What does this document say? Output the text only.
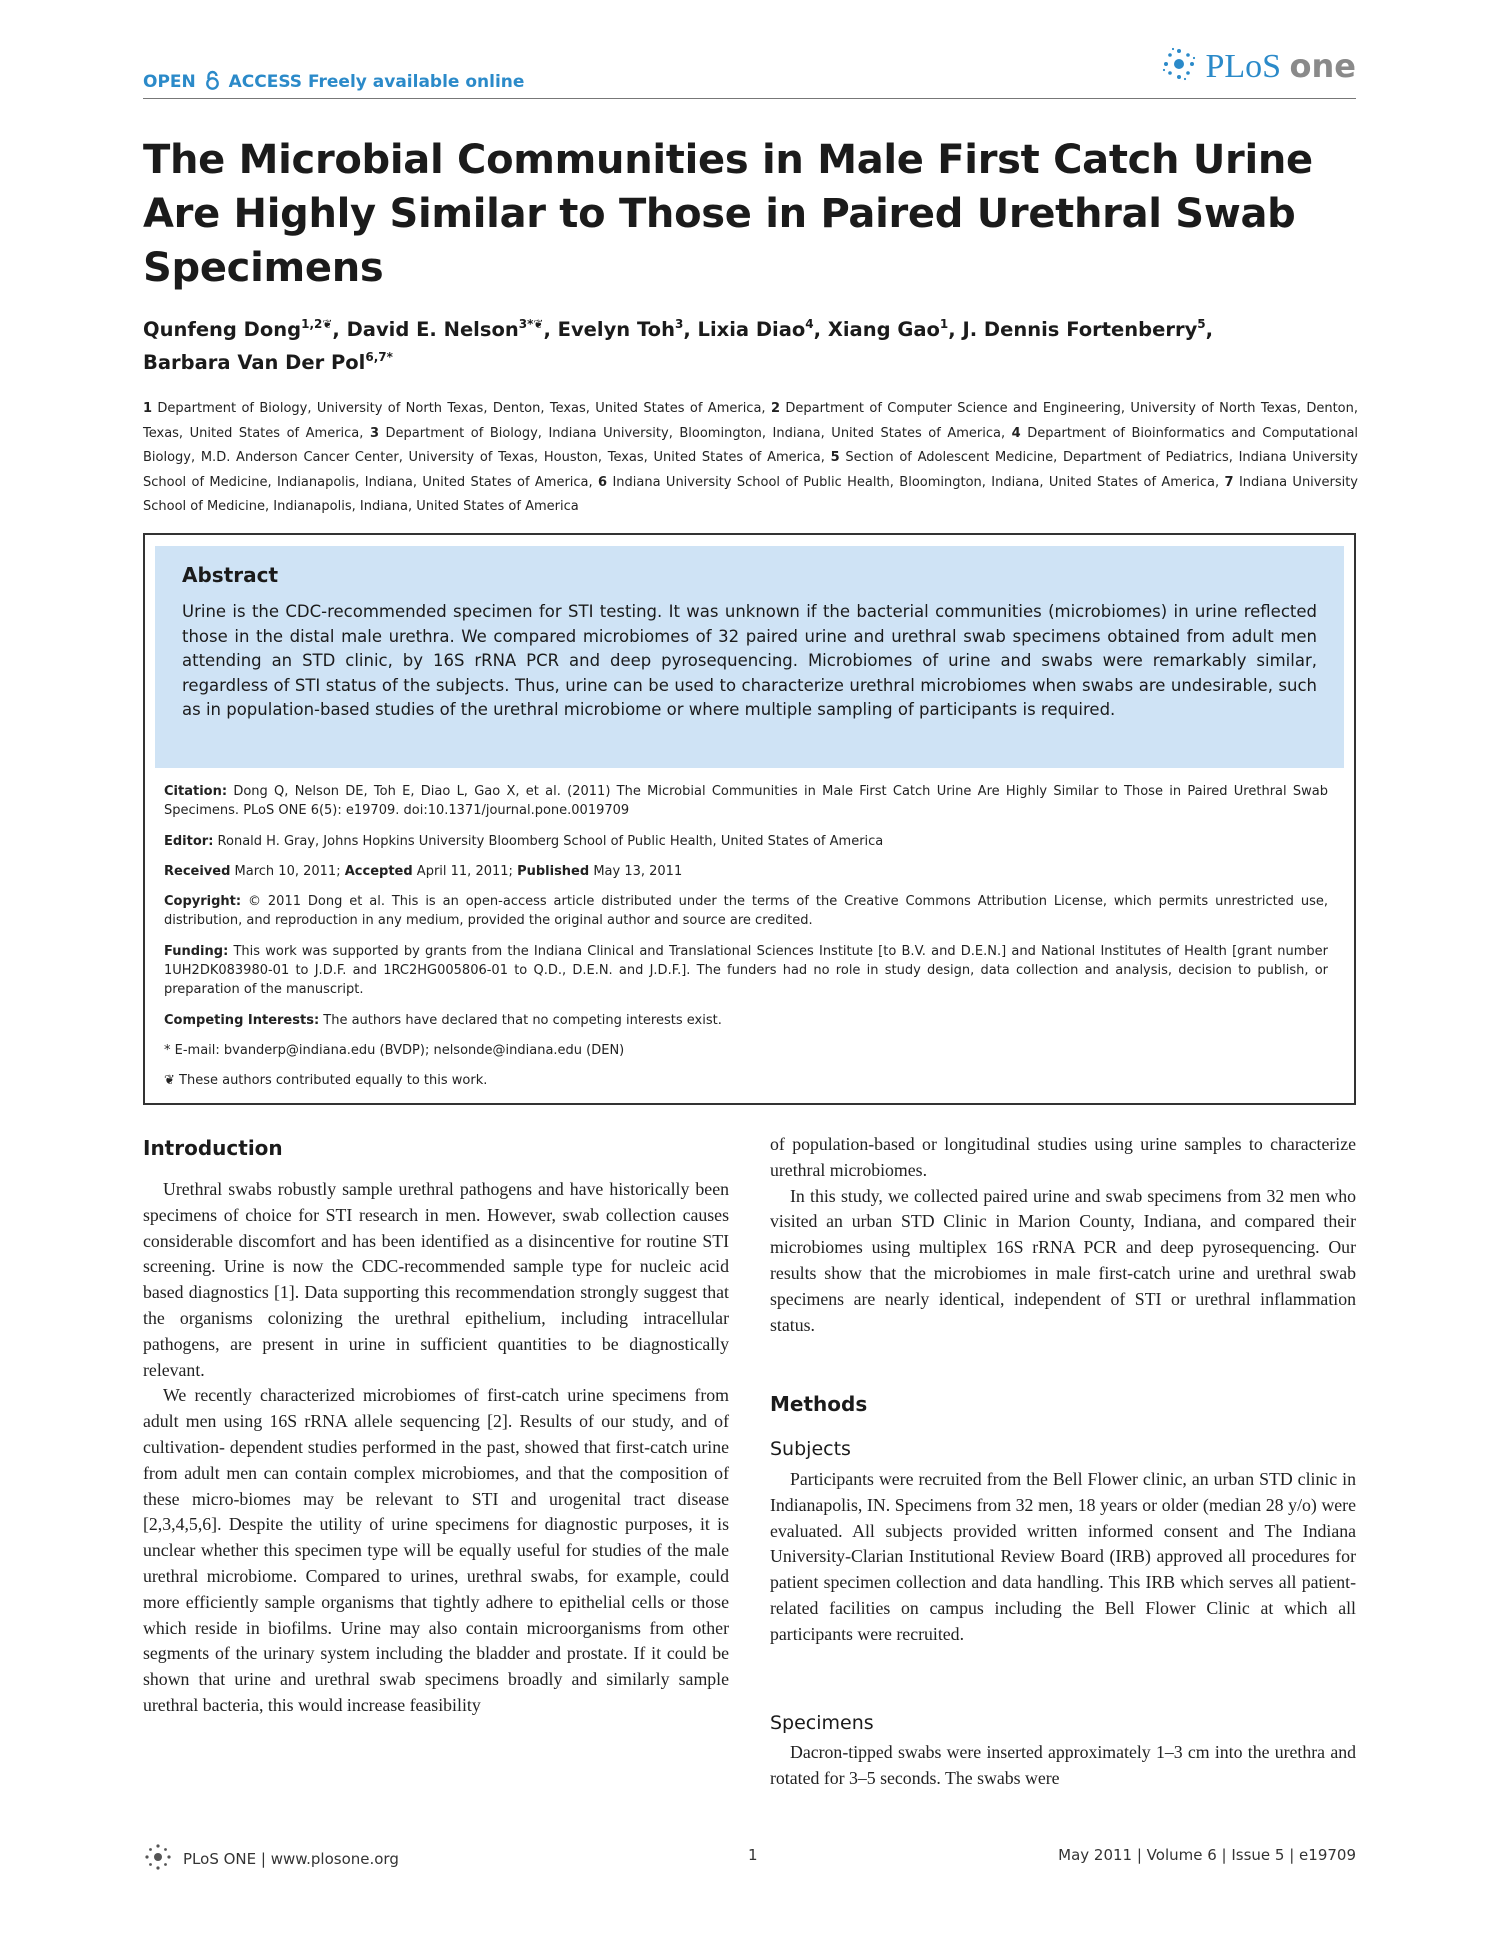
OPEN ACCESS Freely available online	PLoS one
The Microbial Communities in Male First Catch Urine Are Highly Similar to Those in Paired Urethral Swab Specimens
Qunfeng Dong$^{1,2❦}$, David E. Nelson$^{3*❦}$, Evelyn Toh$^3$, Lixia Diao$^4$, Xiang Gao$^1$, J. Dennis Fortenberry$^5$,
Barbara Van Der Pol$^{6,7*}$
1 Department of Biology, University of North Texas, Denton, Texas, United States of America, 2 Department of Computer Science and Engineering, University of North Texas, Denton, Texas, United States of America, 3 Department of Biology, Indiana University, Bloomington, Indiana, United States of America, 4 Department of Bioinformatics and Computational Biology, M.D. Anderson Cancer Center, University of Texas, Houston, Texas, United States of America, 5 Section of Adolescent Medicine, Department of Pediatrics, Indiana University School of Medicine, Indianapolis, Indiana, United States of America, 6 Indiana University School of Public Health, Bloomington, Indiana, United States of America, 7 Indiana University School of Medicine, Indianapolis, Indiana, United States of America
Abstract
Urine is the CDC-recommended specimen for STI testing. It was unknown if the bacterial communities (microbiomes) in urine reflected those in the distal male urethra. We compared microbiomes of 32 paired urine and urethral swab specimens obtained from adult men attending an STD clinic, by 16S rRNA PCR and deep pyrosequencing. Microbiomes of urine and swabs were remarkably similar, regardless of STI status of the subjects. Thus, urine can be used to characterize urethral microbiomes when swabs are undesirable, such as in population-based studies of the urethral microbiome or where multiple sampling of participants is required.
Citation: Dong Q, Nelson DE, Toh E, Diao L, Gao X, et al. (2011) The Microbial Communities in Male First Catch Urine Are Highly Similar to Those in Paired Urethral Swab Specimens. PLoS ONE 6(5): e19709. doi:10.1371/journal.pone.0019709
Editor: Ronald H. Gray, Johns Hopkins University Bloomberg School of Public Health, United States of America
Received March 10, 2011; Accepted April 11, 2011; Published May 13, 2011
Copyright: © 2011 Dong et al. This is an open-access article distributed under the terms of the Creative Commons Attribution License, which permits unrestricted use, distribution, and reproduction in any medium, provided the original author and source are credited.
Funding: This work was supported by grants from the Indiana Clinical and Translational Sciences Institute [to B.V. and D.E.N.] and National Institutes of Health [grant number 1UH2DK083980-01 to J.D.F. and 1RC2HG005806-01 to Q.D., D.E.N. and J.D.F.]. The funders had no role in study design, data collection and analysis, decision to publish, or preparation of the manuscript.
Competing Interests: The authors have declared that no competing interests exist.
* E-mail: bvanderp@indiana.edu (BVDP); nelsonde@indiana.edu (DEN)
❦ These authors contributed equally to this work.
Introduction

Urethral swabs robustly sample urethral pathogens and have historically been specimens of choice for STI research in men. However, swab collection causes considerable discomfort and has been identified as a disincentive for routine STI screening. Urine is now the CDC-recommended sample type for nucleic acid based diagnostics [1]. Data supporting this recommendation strongly suggest that the organisms colonizing the urethral epithelium, including intracellular pathogens, are present in urine in sufficient quantities to be diagnostically relevant.

We recently characterized microbiomes of first-catch urine specimens from adult men using 16S rRNA allele sequencing [2]. Results of our study, and of cultivation- dependent studies performed in the past, showed that first-catch urine from adult men can contain complex microbiomes, and that the composition of these micro-biomes may be relevant to STI and urogenital tract disease [2,3,4,5,6]. Despite the utility of urine specimens for diagnostic purposes, it is unclear whether this specimen type will be equally useful for studies of the male urethral microbiome. Compared to urines, urethral swabs, for example, could more efficiently sample organisms that tightly adhere to epithelial cells or those which reside in biofilms. Urine may also contain microorganisms from other segments of the urinary system including the bladder and prostate. If it could be shown that urine and urethral swab specimens broadly and similarly sample urethral bacteria, this would increase feasibility

of population-based or longitudinal studies using urine samples to characterize urethral microbiomes.

In this study, we collected paired urine and swab specimens from 32 men who visited an urban STD Clinic in Marion County, Indiana, and compared their microbiomes using multiplex 16S rRNA PCR and deep pyrosequencing. Our results show that the microbiomes in male first-catch urine and urethral swab specimens are nearly identical, independent of STI or urethral inflammation status.

Methods
Subjects

Participants were recruited from the Bell Flower clinic, an urban STD clinic in Indianapolis, IN. Specimens from 32 men, 18 years or older (median 28 y/o) were evaluated. All subjects provided written informed consent and The Indiana University-Clarian Institutional Review Board (IRB) approved all procedures for patient specimen collection and data handling. This IRB which serves all patient-related facilities on campus including the Bell Flower Clinic at which all participants were recruited.

Specimens

Dacron-tipped swabs were inserted approximately 1–3 cm into the urethra and rotated for 3–5 seconds. The swabs were

PLoS ONE | www.plosone.org	1	May 2011 | Volume 6 | Issue 5 | e19709
